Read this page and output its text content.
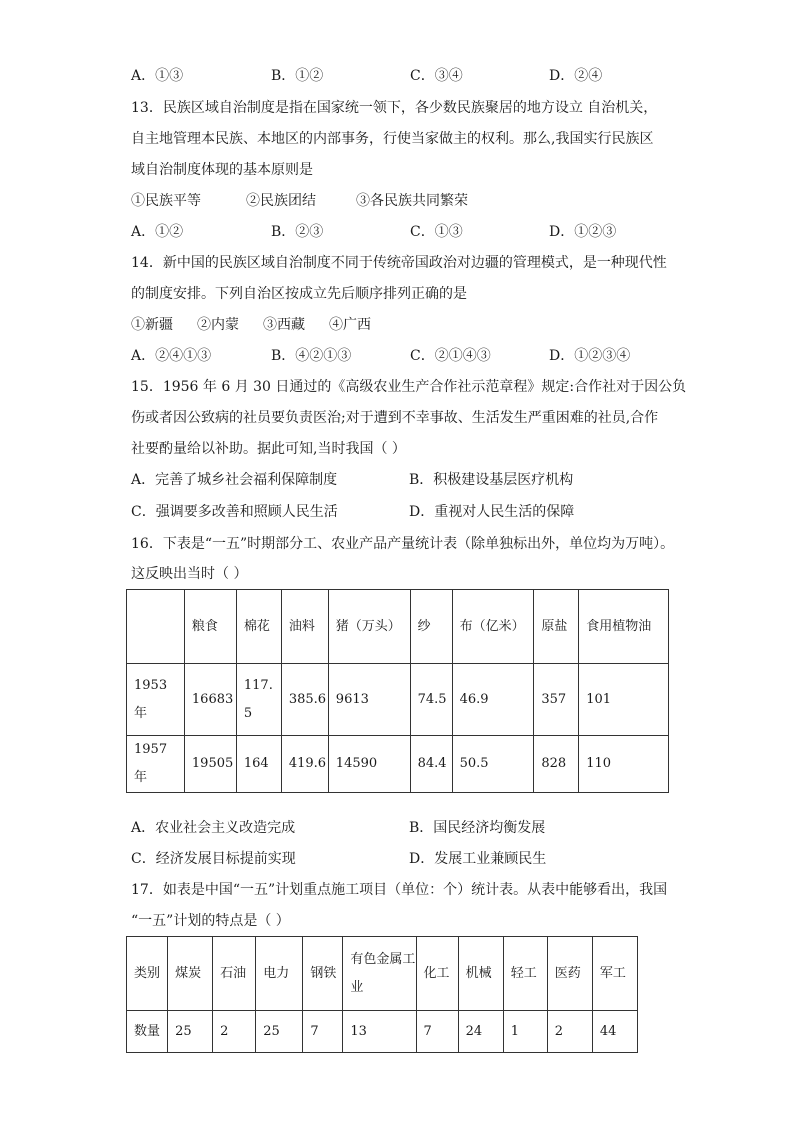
A．①③	B．①②	C．③④	D．②④
13．民族区域自治制度是指在国家统一领下，各少数民族聚居的地方设立 自治机关，
自主地管理本民族、本地区的内部事务，行使当家做主的权利。那么,我国实行民族区
域自治制度体现的基本原则是
①民族平等	②民族团结	③各民族共同繁荣
A．①②	B．②③	C．①③	D．①②③
14．新中国的民族区域自治制度不同于传统帝国政治对边疆的管理模式，是一种现代性
的制度安排。下列自治区按成立先后顺序排列正确的是
①新疆 ②内蒙 ③西藏 ④广西
A．②④①③	B．④②①③	C．②①④③	D．①②③④
15．1956 年 6 月 30 日通过的《高级农业生产合作社示范章程》规定:合作社对于因公负
伤或者因公致病的社员要负责医治;对于遭到不幸事故、生活发生严重困难的社员,合作
社要酌量给以补助。据此可知,当时我国（ ）
A．完善了城乡社会福利保障制度	B．积极建设基层医疗机构
C．强调要多改善和照顾人民生活	D．重视对人民生活的保障
16．下表是“一五”时期部分工、农业产品产量统计表（除单独标出外，单位均为万吨）。
这反映出当时（ ）
	粮食	棉花	油料	猪（万头）	纱	布（亿米）	原盐	食用植物油
1953 年	16683	117.5	385.6	9613	74.5	46.9	357	101
1957 年	19505	164	419.6	14590	84.4	50.5	828	110
A．农业社会主义改造完成	B．国民经济均衡发展
C．经济发展目标提前实现	D．发展工业兼顾民生
17．如表是中国“一五”计划重点施工项目（单位：个）统计表。从表中能够看出，我国
“一五”计划的特点是（ ）
类别	煤炭	石油	电力	钢铁	有色金属工业	化工	机械	轻工	医药	军工
数量	25	2	25	7	13	7	24	1	2	44
